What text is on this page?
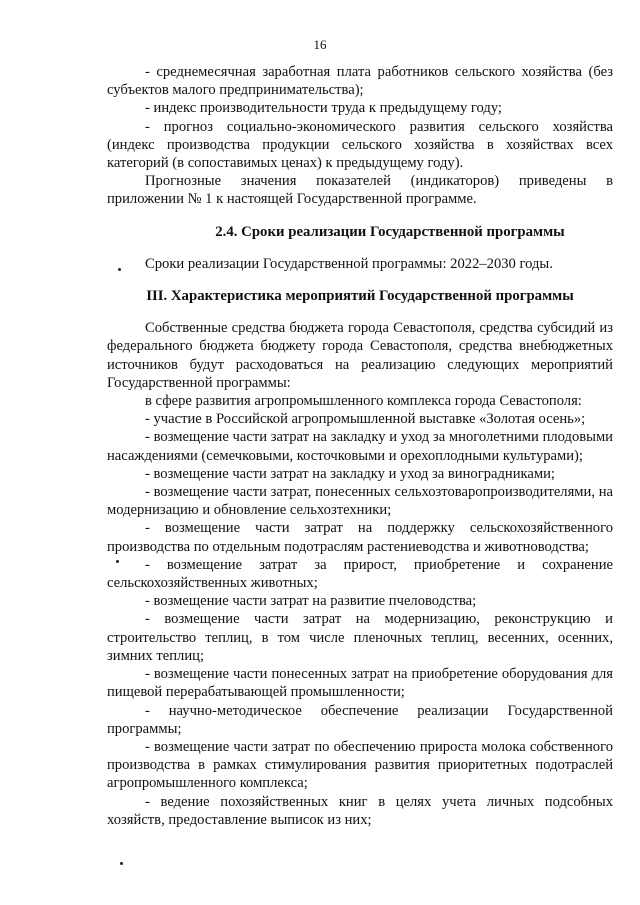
16

- среднемесячная заработная плата работников сельского хозяйства (без субъектов малого предпринимательства);

- индекс производительности труда к предыдущему году;

- прогноз социально-экономического развития сельского хозяйства (индекс производства продукции сельского хозяйства в хозяйствах всех категорий (в сопоставимых ценах) к предыдущему году).

Прогнозные значения показателей (индикаторов) приведены в приложении № 1 к настоящей Государственной программе.

2.4. Сроки реализации Государственной программы

Сроки реализации Государственной программы: 2022–2030 годы.

III. Характеристика мероприятий Государственной программы

Собственные средства бюджета города Севастополя, средства субсидий из федерального бюджета бюджету города Севастополя, средства внебюджетных источников будут расходоваться на реализацию следующих мероприятий Государственной программы:

в сфере развития агропромышленного комплекса города Севастополя:

- участие в Российской агропромышленной выставке «Золотая осень»;

- возмещение части затрат на закладку и уход за многолетними плодовыми насаждениями (семечковыми, косточковыми и орехоплодными культурами);

- возмещение части затрат на закладку и уход за виноградниками;

- возмещение части затрат, понесенных сельхозтоваропроизводителями, на модернизацию и обновление сельхозтехники;

- возмещение части затрат на поддержку сельскохозяйственного производства по отдельным подотраслям растениеводства и животноводства;

- возмещение затрат за прирост, приобретение и сохранение сельскохозяйственных животных;

- возмещение части затрат на развитие пчеловодства;

- возмещение части затрат на модернизацию, реконструкцию и строительство теплиц, в том числе пленочных теплиц, весенних, осенних, зимних теплиц;

- возмещение части понесенных затрат на приобретение оборудования для пищевой перерабатывающей промышленности;

- научно-методическое обеспечение реализации Государственной программы;

- возмещение части затрат по обеспечению прироста молока собственного производства в рамках стимулирования развития приоритетных подотраслей агропромышленного комплекса;

- ведение похозяйственных книг в целях учета личных подсобных хозяйств, предоставление выписок из них;
